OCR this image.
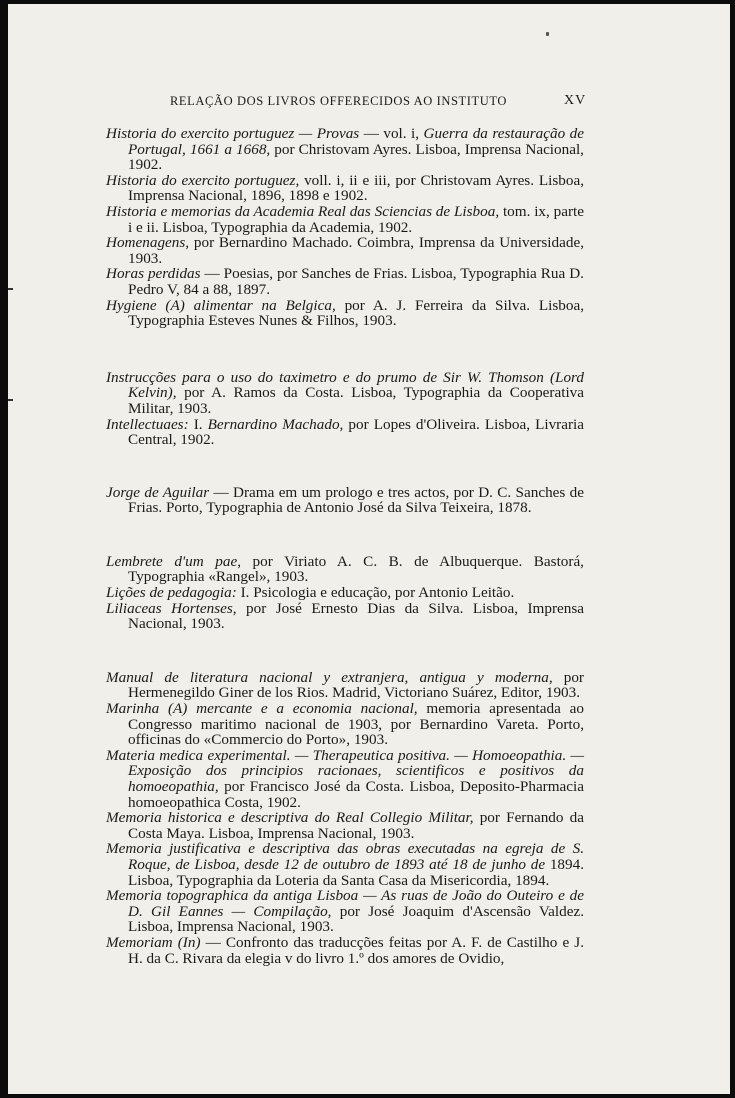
RELAÇÃO DOS LIVROS OFFERECIDOS AO INSTITUTO	XV

Historia do exercito portuguez — Provas — vol. i, Guerra da restauração de Portugal, 1661 a 1668, por Christovam Ayres. Lisboa, Imprensa Nacional, 1902.

Historia do exercito portuguez, voll. i, ii e iii, por Christovam Ayres. Lisboa, Imprensa Nacional, 1896, 1898 e 1902.

Historia e memorias da Academia Real das Sciencias de Lisboa, tom. ix, parte i e ii. Lisboa, Typographia da Academia, 1902.

Homenagens, por Bernardino Machado. Coimbra, Imprensa da Universidade, 1903.

Horas perdidas — Poesias, por Sanches de Frias. Lisboa, Typographia Rua D. Pedro V, 84 a 88, 1897.

Hygiene (A) alimentar na Belgica, por A. J. Ferreira da Silva. Lisboa, Typographia Esteves Nunes & Filhos, 1903.

Instrucções para o uso do taximetro e do prumo de Sir W. Thomson (Lord Kelvin), por A. Ramos da Costa. Lisboa, Typographia da Cooperativa Militar, 1903.

Intellectuaes: I. Bernardino Machado, por Lopes d'Oliveira. Lisboa, Livraria Central, 1902.

Jorge de Aguilar — Drama em um prologo e tres actos, por D. C. Sanches de Frias. Porto, Typographia de Antonio José da Silva Teixeira, 1878.

Lembrete d'um pae, por Viriato A. C. B. de Albuquerque. Bastorá, Typographia «Rangel», 1903.

Lições de pedagogia: I. Psicologia e educação, por Antonio Leitão.

Liliaceas Hortenses, por José Ernesto Dias da Silva. Lisboa, Imprensa Nacional, 1903.

Manual de literatura nacional y extranjera, antigua y moderna, por Hermenegildo Giner de los Rios. Madrid, Victoriano Suárez, Editor, 1903.

Marinha (A) mercante e a economia nacional, memoria apresentada ao Congresso maritimo nacional de 1903, por Bernardino Vareta. Porto, officinas do «Commercio do Porto», 1903.

Materia medica experimental. — Therapeutica positiva. — Homoeopathia. — Exposição dos principios racionaes, scientificos e positivos da homoeopathia, por Francisco José da Costa. Lisboa, Deposito-Pharmacia homoeopathica Costa, 1902.

Memoria historica e descriptiva do Real Collegio Militar, por Fernando da Costa Maya. Lisboa, Imprensa Nacional, 1903.

Memoria justificativa e descriptiva das obras executadas na egreja de S. Roque, de Lisboa, desde 12 de outubro de 1893 até 18 de junho de 1894. Lisboa, Typographia da Loteria da Santa Casa da Misericordia, 1894.

Memoria topographica da antiga Lisboa — As ruas de João do Outeiro e de D. Gil Eannes — Compilação, por José Joaquim d'Ascensão Valdez. Lisboa, Imprensa Nacional, 1903.

Memoriam (In) — Confronto das traducções feitas por A. F. de Castilho e J. H. da C. Rivara da elegia v do livro 1.º dos amores de Ovidio,
